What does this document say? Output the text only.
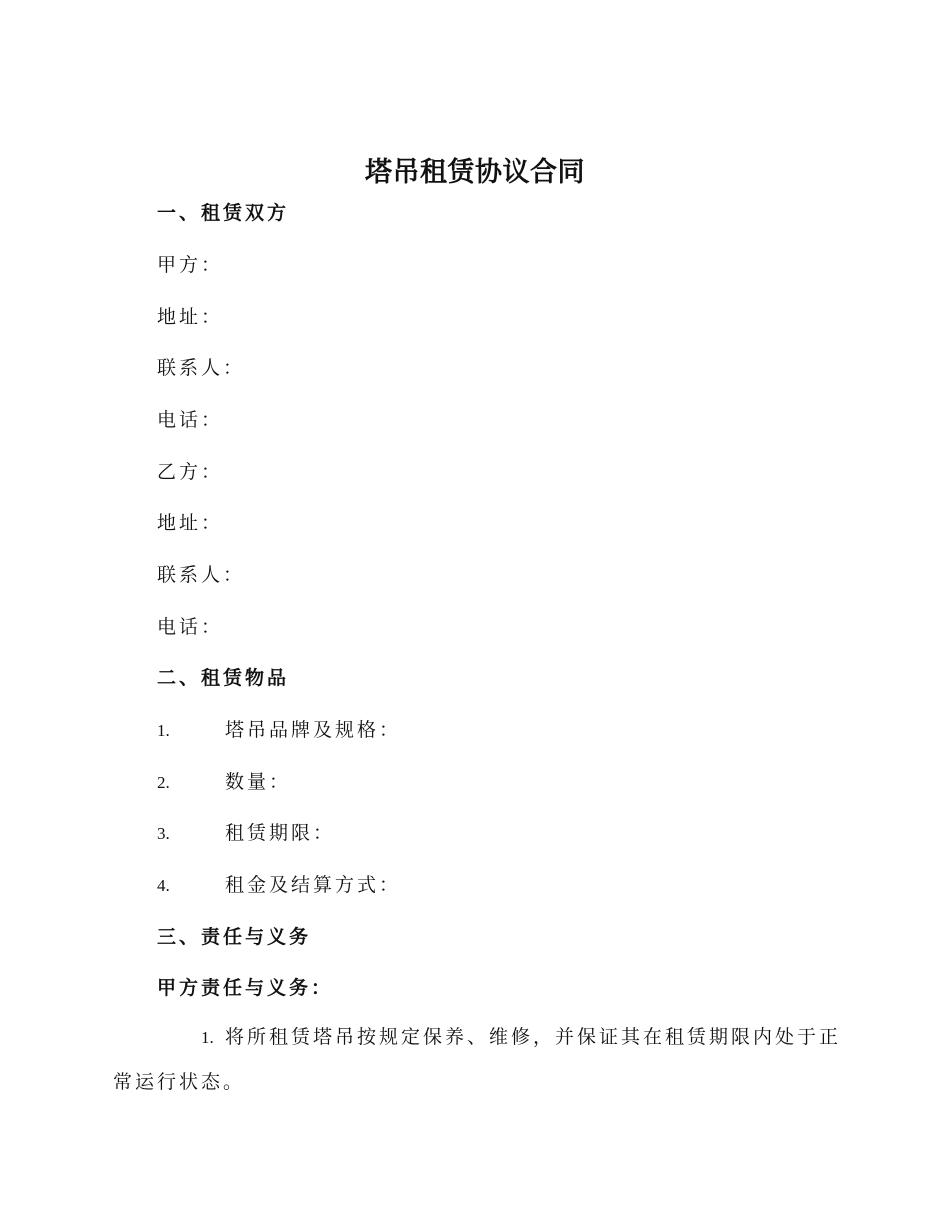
塔吊租赁协议合同
一、租赁双方
甲方：
地址：
联系人：
电话：
乙方：
地址：
联系人：
电话：
二、租赁物品
1.	塔吊品牌及规格：
2.	数量：
3.	租赁期限：
4.	租金及结算方式：
三、责任与义务
甲方责任与义务：
1. 将所租赁塔吊按规定保养、维修，并保证其在租赁期限内处于正常运行状态。
